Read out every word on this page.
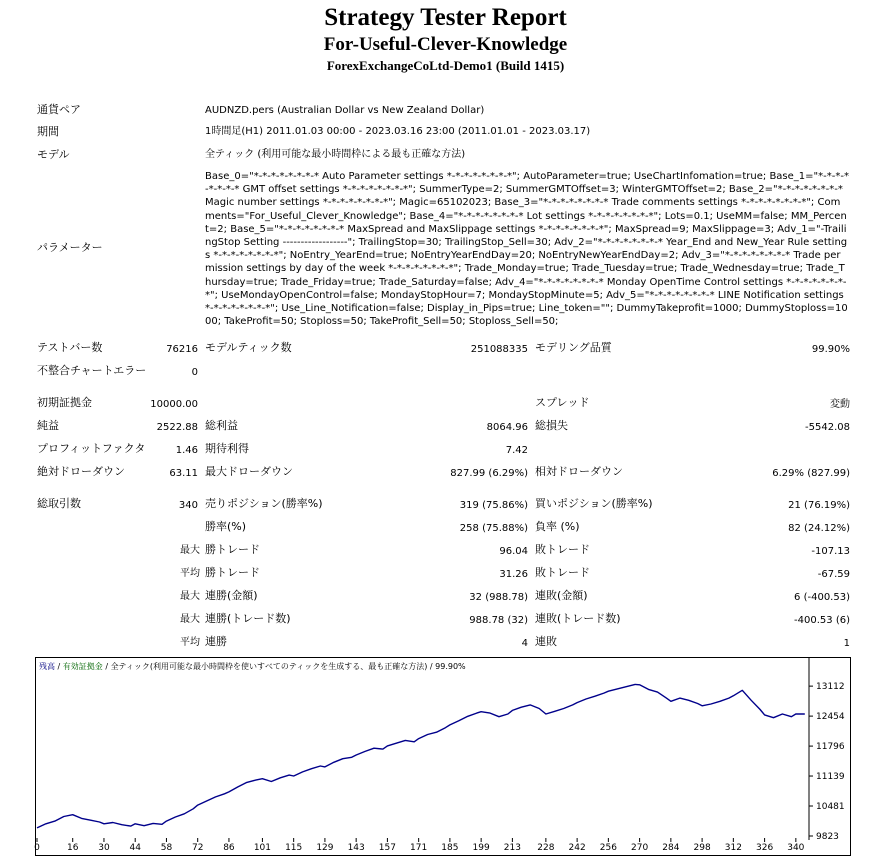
Strategy Tester Report
For-Useful-Clever-Knowledge
ForexExchangeCoLtd-Demo1 (Build 1415)
通貨ペア	AUDNZD.pers (Australian Dollar vs New Zealand Dollar)
期間	1時間足(H1) 2011.01.03 00:00 - 2023.03.16 23:00 (2011.01.01 - 2023.03.17)
モデル	全ティック (利用可能な最小時間枠による最も正確な方法)
パラメーター
Base_0="*-*-*-*-*-*-*-* Auto Parameter settings *-*-*-*-*-*-*-*"; AutoParameter=true; UseChartInfomation=true; Base_1="*-*-*-*-*-*-*-* GMT offset settings *-*-*-*-*-*-*-*"; SummerType=2; SummerGMTOffset=3; WinterGMTOffset=2; Base_2="*-*-*-*-*-*-*-* Magic number settings *-*-*-*-*-*-*-*"; Magic=65102023; Base_3="*-*-*-*-*-*-*-* Trade comments settings *-*-*-*-*-*-*-*"; Comments="For_Useful_Clever_Knowledge"; Base_4="*-*-*-*-*-*-*-* Lot settings *-*-*-*-*-*-*-*"; Lots=0.1; UseMM=false; MM_Percent=2; Base_5="*-*-*-*-*-*-*-* MaxSpread and MaxSlippage settings *-*-*-*-*-*-*-*"; MaxSpread=9; MaxSlippage=3; Adv_1="-TrailingStop Setting ------------------"; TrailingStop=30; TrailingStop_Sell=30; Adv_2="*-*-*-*-*-*-*-* Year_End and New_Year Rule settings *-*-*-*-*-*-*-*"; NoEntry_YearEnd=true; NoEntryYearEndDay=20; NoEntryNewYearEndDay=2; Adv_3="*-*-*-*-*-*-*-* Trade permission settings by day of the week *-*-*-*-*-*-*-*"; Trade_Monday=true; Trade_Tuesday=true; Trade_Wednesday=true; Trade_Thursday=true; Trade_Friday=true; Trade_Saturday=false; Adv_4="*-*-*-*-*-*-*-* Monday OpenTime Control settings *-*-*-*-*-*-*-*"; UseMondayOpenControl=false; MondayStopHour=7; MondayStopMinute=5; Adv_5="*-*-*-*-*-*-*-* LINE Notification settings *-*-*-*-*-*-*-*"; Use_Line_Notification=false; Display_in_Pips=true; Line_token=""; DummyTakeprofit=1000; DummyStoploss=1000; TakeProfit=50; Stoploss=50; TakeProfit_Sell=50; Stoploss_Sell=50;
テストバー数	76216 モデルティック数	251088335 モデリング品質	99.90%
不整合チャートエラー	0
初期証拠金	10000.00	スプレッド	変動
純益	2522.88 総利益	8064.96 総損失	-5542.08
プロフィットファクタ	1.46 期待利得	7.42
絶対ドローダウン	63.11 最大ドローダウン	827.99 (6.29%) 相対ドローダウン	6.29% (827.99)
総取引数	340 売りポジション(勝率%)	319 (75.86%) 買いポジション(勝率%)	21 (76.19%)
勝率(%)	258 (75.88%) 負率 (%)	82 (24.12%)
最大 勝トレード	96.04 敗トレード	-107.13
平均 勝トレード	31.26 敗トレード	-67.59
最大 連勝(金額)	32 (988.78) 連敗(金額)	6 (-400.53)
最大 連勝(トレード数)	988.78 (32) 連敗(トレード数)	-400.53 (6)
平均 連勝	4 連敗	1
残高 / 有効証拠金 / 全ティック(利用可能な最小時間枠を使いすべてのティックを生成する、最も正確な方法) / 99.90%
9823
10481
11139
11796
12454
13112
0	16 30 44 58 72 86 101 115 129 143 157 171 185 199 213 228 242 256 270 284 298 312 326 340
